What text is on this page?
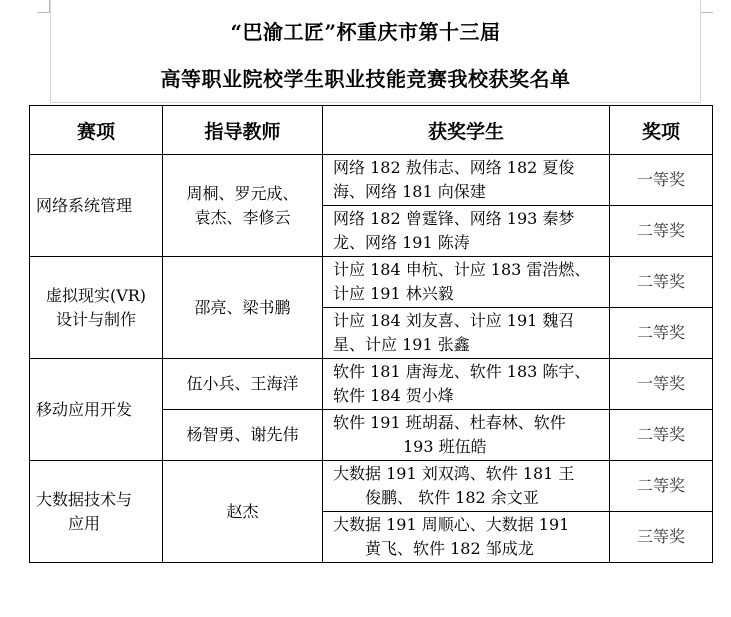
“巴渝工匠”杯重庆市第十三届
高等职业院校学生职业技能竞赛我校获奖名单
赛项	指导教师	获奖学生	奖项

网络系统管理	周桐、罗元成、
袁杰、李修云	网络 182 敖伟志、网络 182 夏俊
海、网络 181 向保建	一等奖

		网络 182 曾霆锋、网络 193 秦梦
龙、网络 191 陈涛	二等奖

虚拟现实(VR)
设计与制作	邵亮、梁书鹏	计应 184 申杭、计应 183 雷浩燃、
计应 191 林兴毅	二等奖

		计应 184 刘友喜、计应 191 魏召
星、计应 191 张鑫	二等奖

移动应用开发	伍小兵、王海洋	软件 181 唐海龙、软件 183 陈宇、
软件 184 贺小烽	一等奖

	杨智勇、谢先伟	软件 191 班胡磊、杜春林、软件
193 班伍皓	二等奖

大数据技术与
应用	赵杰	大数据 191 刘双鸿、软件 181 王
俊鹏、 软件 182 余文亚	二等奖

		大数据 191 周顺心、大数据 191
黄飞、软件 182 邹成龙	三等奖
